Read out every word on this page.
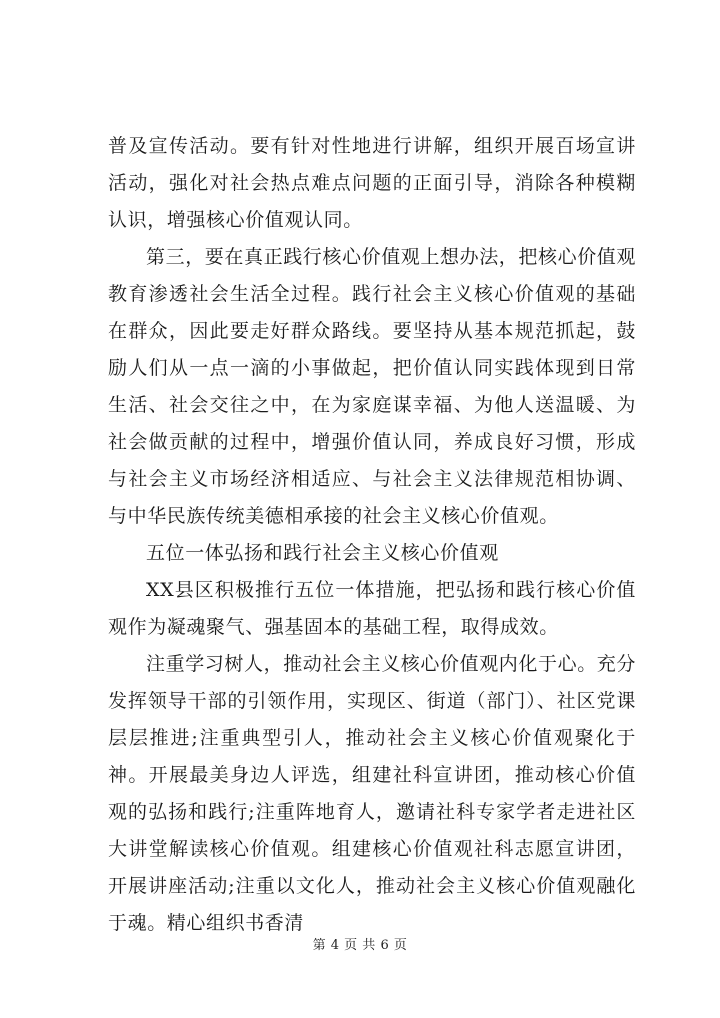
普及宣传活动。要有针对性地进行讲解，组织开展百场宣讲活动，强化对社会热点难点问题的正面引导，消除各种模糊认识，增强核心价值观认同。

第三，要在真正践行核心价值观上想办法，把核心价值观教育渗透社会生活全过程。践行社会主义核心价值观的基础在群众，因此要走好群众路线。要坚持从基本规范抓起，鼓励人们从一点一滴的小事做起，把价值认同实践体现到日常生活、社会交往之中，在为家庭谋幸福、为他人送温暖、为社会做贡献的过程中，增强价值认同，养成良好习惯，形成与社会主义市场经济相适应、与社会主义法律规范相协调、与中华民族传统美德相承接的社会主义核心价值观。

五位一体弘扬和践行社会主义核心价值观

XX县区积极推行五位一体措施，把弘扬和践行核心价值观作为凝魂聚气、强基固本的基础工程，取得成效。

注重学习树人，推动社会主义核心价值观内化于心。充分发挥领导干部的引领作用，实现区、街道（部门）、社区党课层层推进;注重典型引人，推动社会主义核心价值观聚化于神。开展最美身边人评选，组建社科宣讲团，推动核心价值观的弘扬和践行;注重阵地育人，邀请社科专家学者走进社区大讲堂解读核心价值观。组建核心价值观社科志愿宣讲团，开展讲座活动;注重以文化人，推动社会主义核心价值观融化于魂。精心组织书香清

第 4 页 共 6 页
